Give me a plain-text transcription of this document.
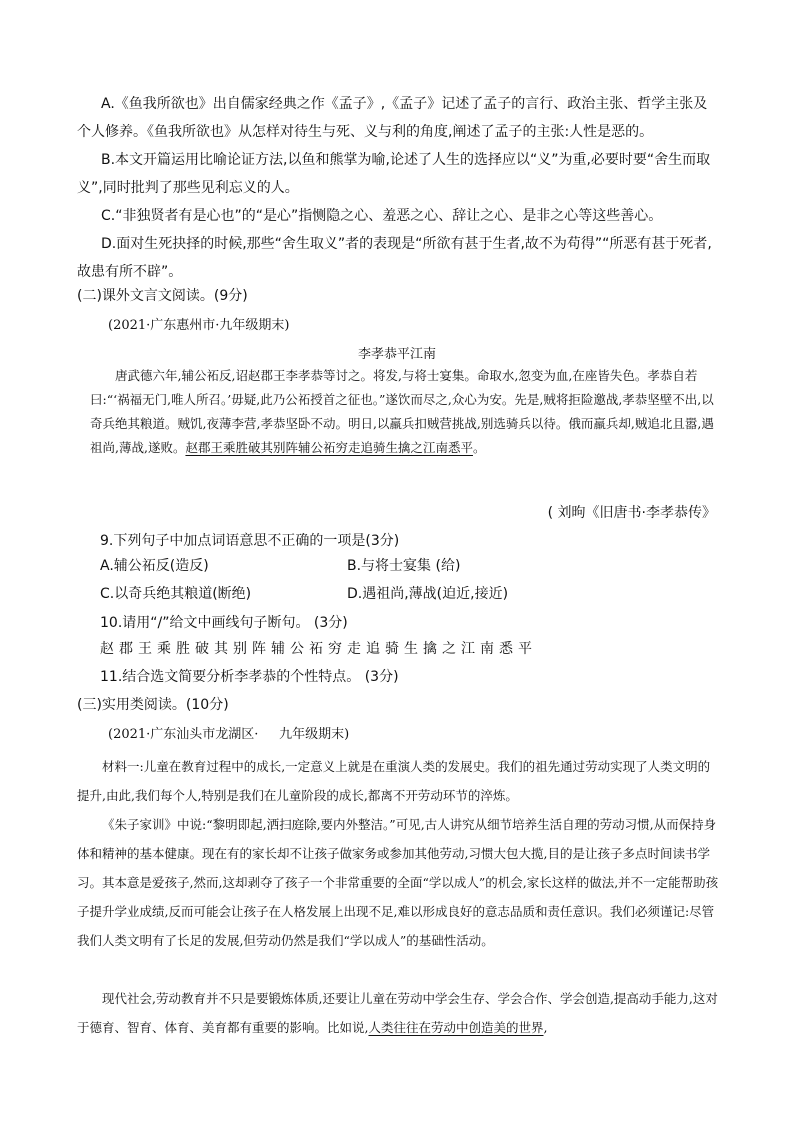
A.《鱼我所欲也》出自儒家经典之作《孟子》,《孟子》记述了孟子的言行、政治主张、哲学主张及个人修养。《鱼我所欲也》从怎样对待生与死、义与利的角度,阐述了孟子的主张:人性是恶的。
B.本文开篇运用比喻论证方法,以鱼和熊掌为喻,论述了人生的选择应以“义”为重,必要时要“舍生而取义”,同时批判了那些见利忘义的人。
C.“非独贤者有是心也”的“是心”指恻隐之心、羞恶之心、辞让之心、是非之心等这些善心。
D.面对生死抉择的时候,那些“舍生取义”者的表现是“所欲有甚于生者,故不为苟得”“所恶有甚于死者,故患有所不辟”。
(二)课外文言文阅读。(9分)
(2021·广东惠州市·九年级期末)
李孝恭平江南
唐武德六年,辅公祏反,诏赵郡王李孝恭等讨之。将发,与将士宴集。命取水,忽变为血,在座皆失色。孝恭自若曰:“‘祸福无门,唯人所召。’毋疑,此乃公祏授首之征也。”遂饮而尽之,众心为安。先是,贼将拒险邀战,孝恭坚壁不出,以奇兵绝其粮道。贼饥,夜薄李营,孝恭坚卧不动。明日,以羸兵扣贼营挑战,别选骑兵以待。俄而羸兵却,贼追北且嚣,遇祖尚,薄战,遂败。赵郡王乘胜破其别阵辅公祏穷走追骑生擒之江南悉平。
( 刘昫《旧唐书·李孝恭传》
9.下列句子中加点词语意思不正确的一项是(3分)
A.辅公祏反(造反)	B.与将士宴集 (给)
C.以奇兵绝其粮道(断绝)	D.遇祖尚,薄战(迫近,接近)
10.请用“/”给文中画线句子断句。 (3分)
赵郡王乘胜破其别阵辅公祏穷走追骑生擒之江南悉平
11.结合选文简要分析李孝恭的个性特点。 (3分)
(三)实用类阅读。(10分)
(2021·广东汕头市龙湖区·     九年级期末)
材料一:儿童在教育过程中的成长,一定意义上就是在重演人类的发展史。我们的祖先通过劳动实现了人类文明的提升,由此,我们每个人,特别是我们在儿童阶段的成长,都离不开劳动环节的淬炼。
《朱子家训》中说:“黎明即起,洒扫庭除,要内外整洁。”可见,古人讲究从细节培养生活自理的劳动习惯,从而保持身体和精神的基本健康。现在有的家长却不让孩子做家务或参加其他劳动,习惯大包大揽,目的是让孩子多点时间读书学习。其本意是爱孩子,然而,这却剥夺了孩子一个非常重要的全面“学以成人”的机会,家长这样的做法,并不一定能帮助孩子提升学业成绩,反而可能会让孩子在人格发展上出现不足,难以形成良好的意志品质和责任意识。我们必须谨记:尽管我们人类文明有了长足的发展,但劳动仍然是我们“学以成人”的基础性活动。
现代社会,劳动教育并不只是要锻炼体质,还要让儿童在劳动中学会生存、学会合作、学会创造,提高动手能力,这对于德育、智育、体育、美育都有重要的影响。比如说,人类往往在劳动中创造美的世界,
